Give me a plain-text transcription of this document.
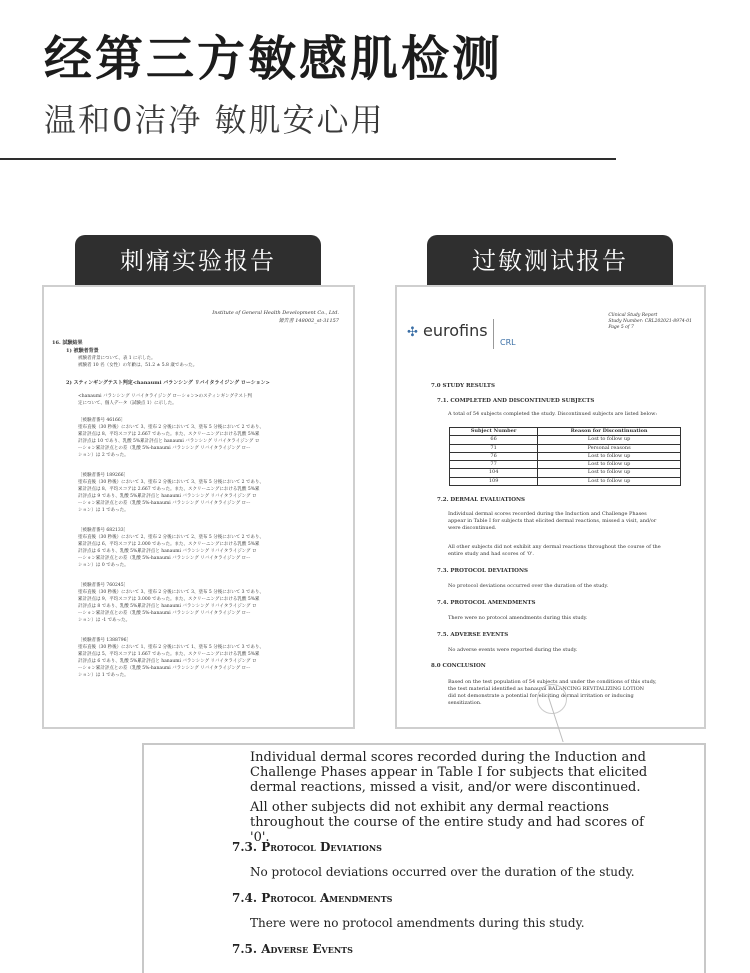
经第三方敏感肌检测
温和0洁净 敏肌安心用
刺痛实验报告	过敏测试报告
Institute of General Health Development Co., Ltd.
報告書 148002_st-31157
16. 試験結果
1) 被験者背景
被験者背景について、表 1 に示した。
被験者 10 名（女性）の年齢は、51.2 ± 5.8 歳であった。
2) スティンギングテスト判定<hanaumi バランシング リバイタライジング ローション>
<hanaumi バランシング リバイタライジング ローション>のスティンギングテスト判
定について、個人データ（試験点 1）に示した。
［被験者番号 46166］
塗布直後（30 秒後）において 3、塗布 2 分後において 3、塗布 5 分後において 2 であり、
累計評点は 8、平均スコアは 2.667 であった。また、スクリーニングにおける乳酸 5%累
計評点は 10 であり、乳酸 5%累計評点と hanaumi バランシング リバイタライジング ロ
ーション累計評点との差（乳酸 5%-hanaumi バランシング リバイタライジング ロー
ション）は 2 であった。
［被験者番号 189266］
塗布直後（30 秒後）において 3、塗布 2 分後において 3、塗布 5 分後において 2 であり、
累計評点は 8、平均スコアは 2.667 であった。また、スクリーニングにおける乳酸 5%累
計評点は 9 であり、乳酸 5%累計評点と hanaumi バランシング リバイタライジング ロ
ーション累計評点との差（乳酸 5%-hanaumi バランシング リバイタライジング ロー
ション）は 1 であった。
［被験者番号 682133］
塗布直後（30 秒後）において 2、塗布 2 分後において 2、塗布 5 分後において 2 であり、
累計評点は 6、平均スコアは 2.000 であった。また、スクリーニングにおける乳酸 5%累
計評点は 6 であり、乳酸 5%累計評点と hanaumi バランシング リバイタライジング ロ
ーション累計評点との差（乳酸 5%-hanaumi バランシング リバイタライジング ロー
ション）は 0 であった。
［被験者番号 760245］
塗布直後（30 秒後）において 3、塗布 2 分後において 3、塗布 5 分後において 3 であり、
累計評点は 9、平均スコアは 3.000 であった。また、スクリーニングにおける乳酸 5%累
計評点は 8 であり、乳酸 5%累計評点と hanaumi バランシング リバイタライジング ロ
ーション累計評点との差（乳酸 5%-hanaumi バランシング リバイタライジング ロー
ション）は -1 であった。
［被験者番号 1388796］
塗布直後（30 秒後）において 1、塗布 2 分後において 1、塗布 5 分後において 3 であり、
累計評点は 5、平均スコアは 1.667 であった。また、スクリーニングにおける乳酸 5%累
計評点は 6 であり、乳酸 5%累計評点と hanaumi バランシング リバイタライジング ロ
ーション累計評点との差（乳酸 5%-hanaumi バランシング リバイタライジング ロー
ション）は 1 であった。
✣ eurofins
CRL
Clinical Study Report
Study Number: CRL202021-8974-01
Page 5 of 7
7.0 STUDY RESULTS
7.1. COMPLETED AND DISCONTINUED SUBJECTS
A total of 54 subjects completed the study. Discontinued subjects are listed below:
Subject Number	Reason for Discontinuation
66	Lost to follow up
71	Personal reasons
76	Lost to follow up
77	Lost to follow up
104	Lost to follow up
109	Lost to follow up
7.2. DERMAL EVALUATIONS
Individual dermal scores recorded during the Induction and Challenge Phases
appear in Table I for subjects that elicited dermal reactions, missed a visit, and/or
were discontinued.
All other subjects did not exhibit any dermal reactions throughout the course of the
entire study and had scores of '0'.
7.3. PROTOCOL DEVIATIONS
No protocol deviations occurred over the duration of the study.
7.4. PROTOCOL AMENDMENTS
There were no protocol amendments during this study.
7.5. ADVERSE EVENTS
No adverse events were reported during the study.
8.0 CONCLUSION
Based on the test population of 54 subjects and under the conditions of this study,
the test material identified as hanaumi BALANCING REVITALIZING LOTION
did not demonstrate a potential for eliciting dermal irritation or inducing
sensitization.
Individual dermal scores recorded during the Induction and Challenge Phases appear in Table I for subjects that elicited dermal reactions, missed a visit, and/or were discontinued.
All other subjects did not exhibit any dermal reactions throughout the course of the entire study and had scores of '0'.
7.3. Protocol Deviations
No protocol deviations occurred over the duration of the study.
7.4. Protocol Amendments
There were no protocol amendments during this study.
7.5. Adverse Events
